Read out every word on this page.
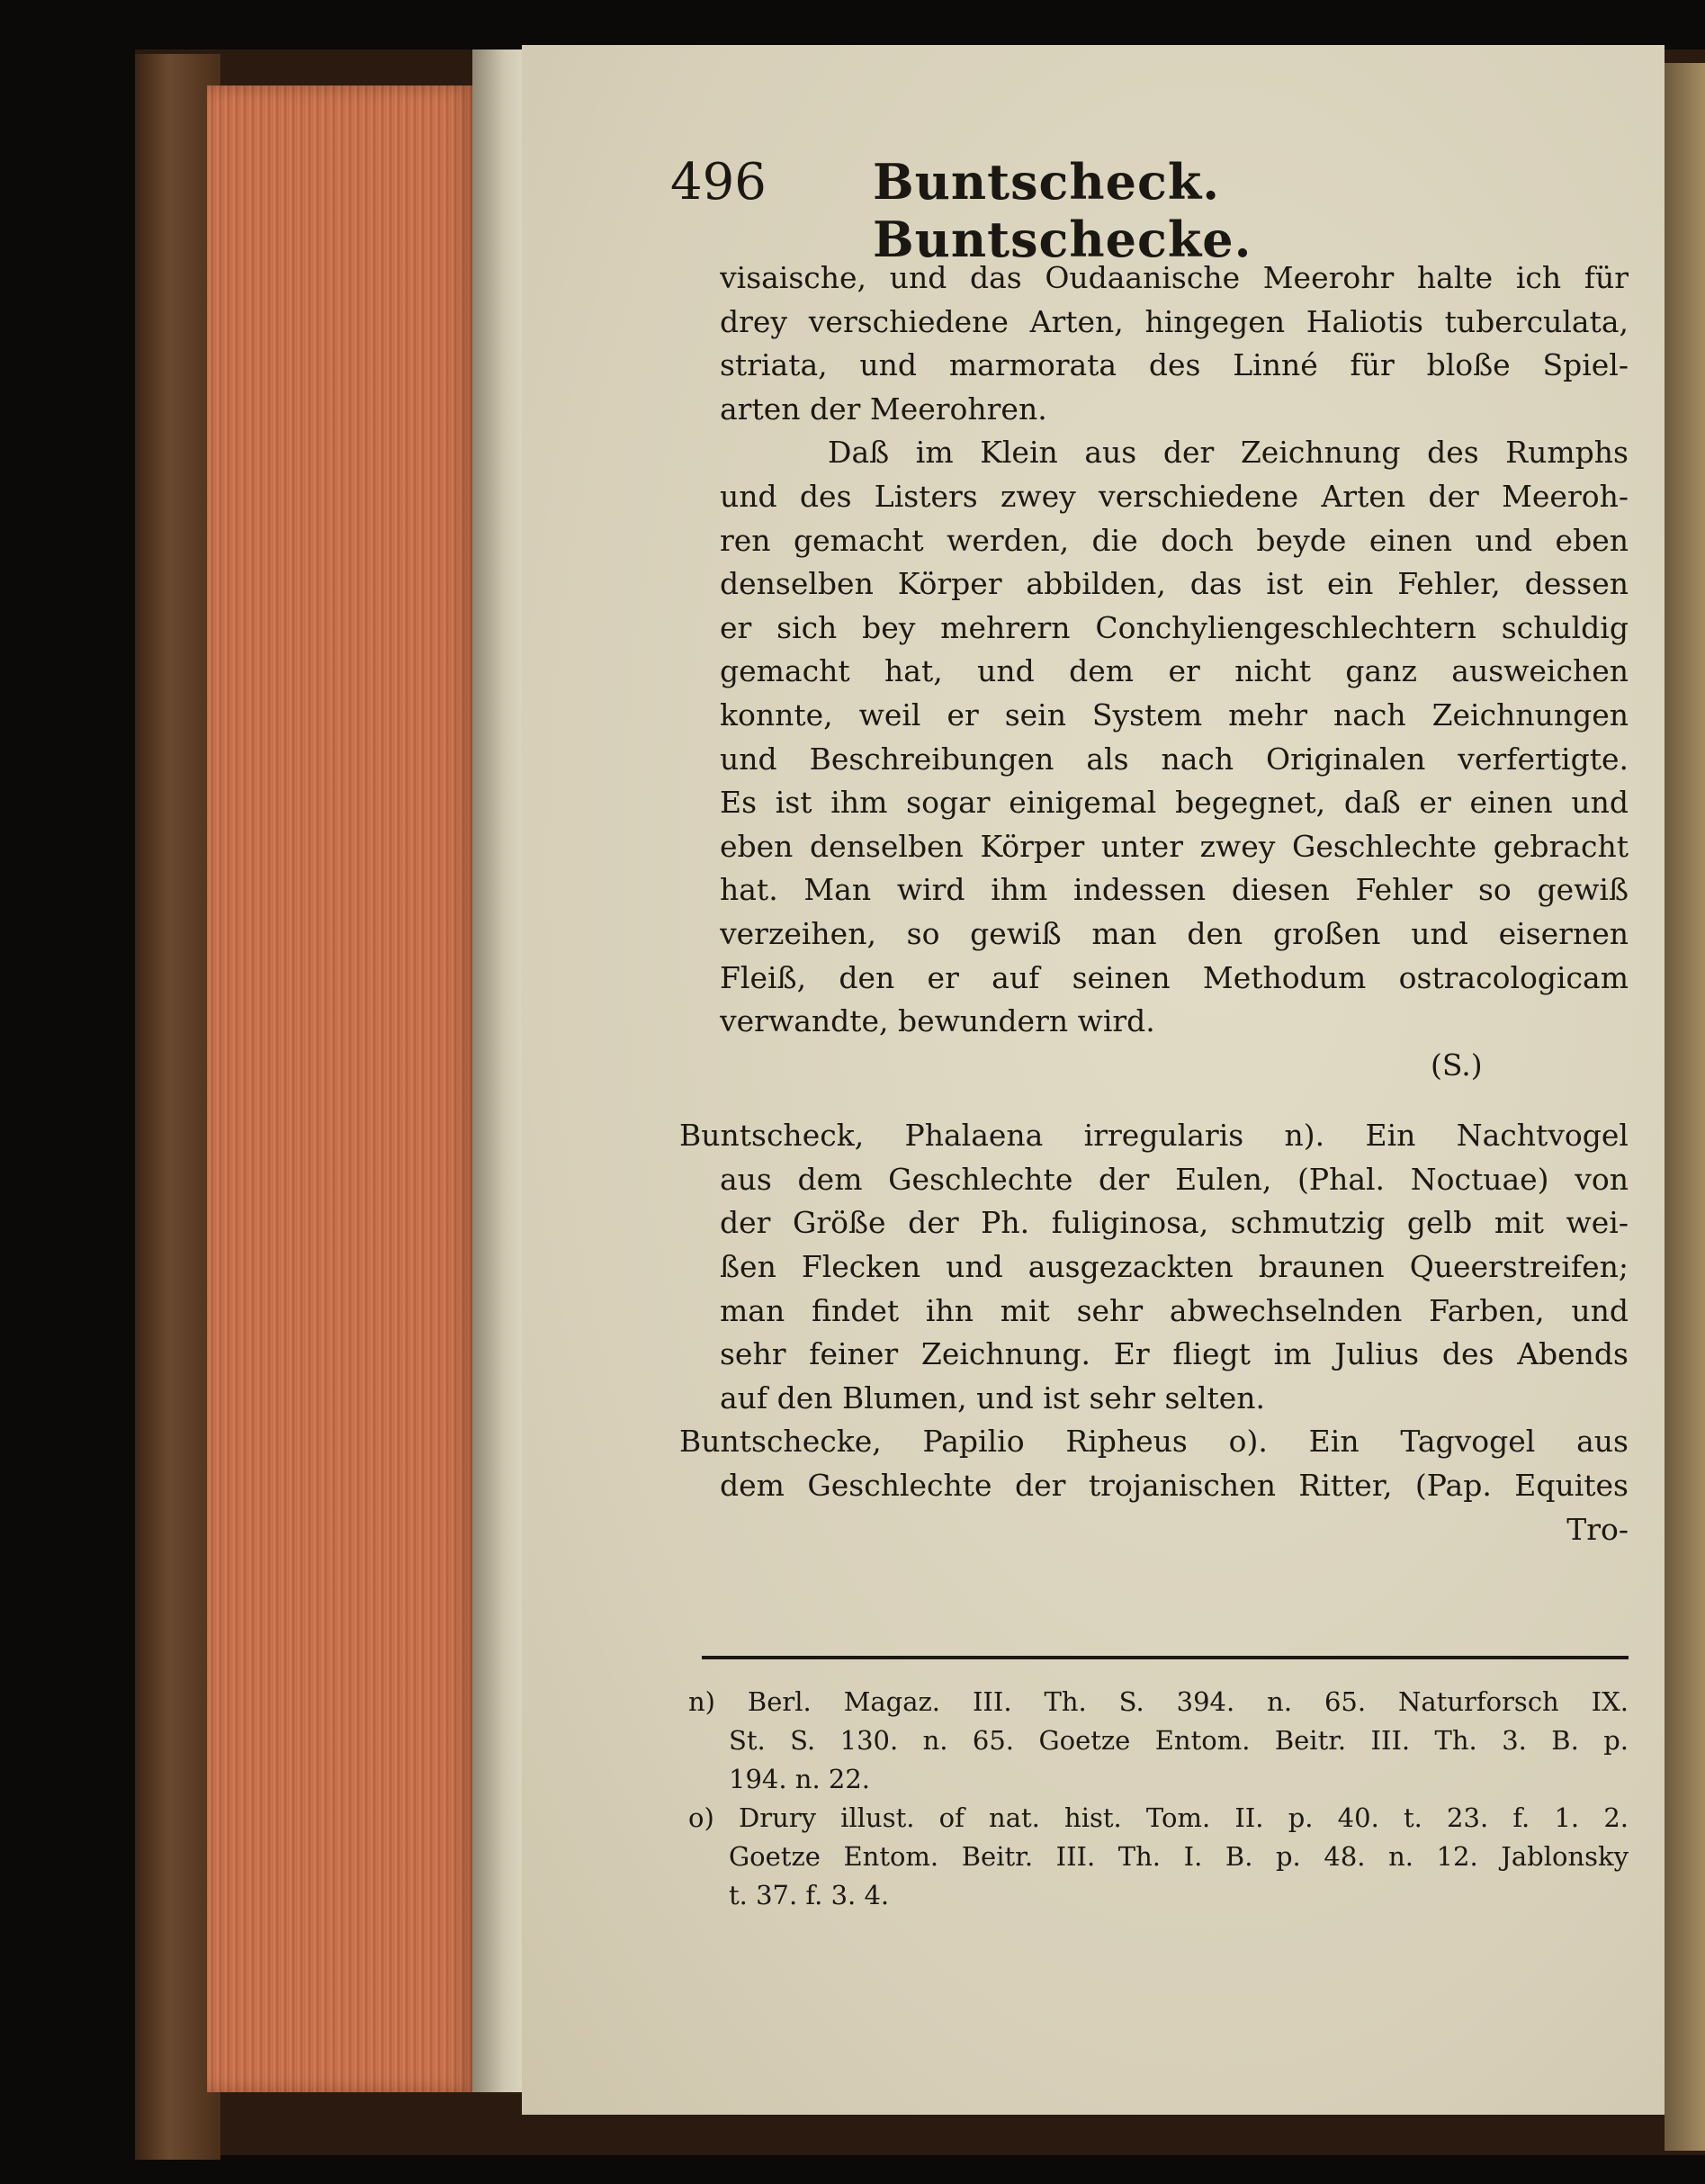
496 Buntscheck. Buntschecke.
visaische, und das Oudaanische Meerohr halte ich für
drey verschiedene Arten, hingegen Haliotis tuberculata,
striata, und marmorata des Linné für bloße Spiel-
arten der Meerohren.
Daß im Klein aus der Zeichnung des Rumphs
und des Listers zwey verschiedene Arten der Meeroh-
ren gemacht werden, die doch beyde einen und eben
denselben Körper abbilden, das ist ein Fehler, dessen
er sich bey mehrern Conchyliengeschlechtern schuldig
gemacht hat, und dem er nicht ganz ausweichen
konnte, weil er sein System mehr nach Zeichnungen
und Beschreibungen als nach Originalen verfertigte.
Es ist ihm sogar einigemal begegnet, daß er einen und
eben denselben Körper unter zwey Geschlechte gebracht
hat. Man wird ihm indessen diesen Fehler so gewiß
verzeihen, so gewiß man den großen und eisernen
Fleiß, den er auf seinen Methodum ostracologicam
verwandte, bewundern wird.
(S.)
Buntscheck, Phalaena irregularis n). Ein Nachtvogel
aus dem Geschlechte der Eulen, (Phal. Noctuae) von
der Größe der Ph. fuliginosa, schmutzig gelb mit wei-
ßen Flecken und ausgezackten braunen Queerstreifen;
man findet ihn mit sehr abwechselnden Farben, und
sehr feiner Zeichnung. Er fliegt im Julius des Abends
auf den Blumen, und ist sehr selten.
Buntschecke, Papilio Ripheus o). Ein Tagvogel aus
dem Geschlechte der trojanischen Ritter, (Pap. Equites
Tro-
n) Berl. Magaz. III. Th. S. 394. n. 65. Naturforsch IX.
St. S. 130. n. 65. Goetze Entom. Beitr. III. Th. 3. B. p.
194. n. 22.
o) Drury illust. of nat. hist. Tom. II. p. 40. t. 23. f. 1. 2.
Goetze Entom. Beitr. III. Th. I. B. p. 48. n. 12. Jablonsky
t. 37. f. 3. 4.
